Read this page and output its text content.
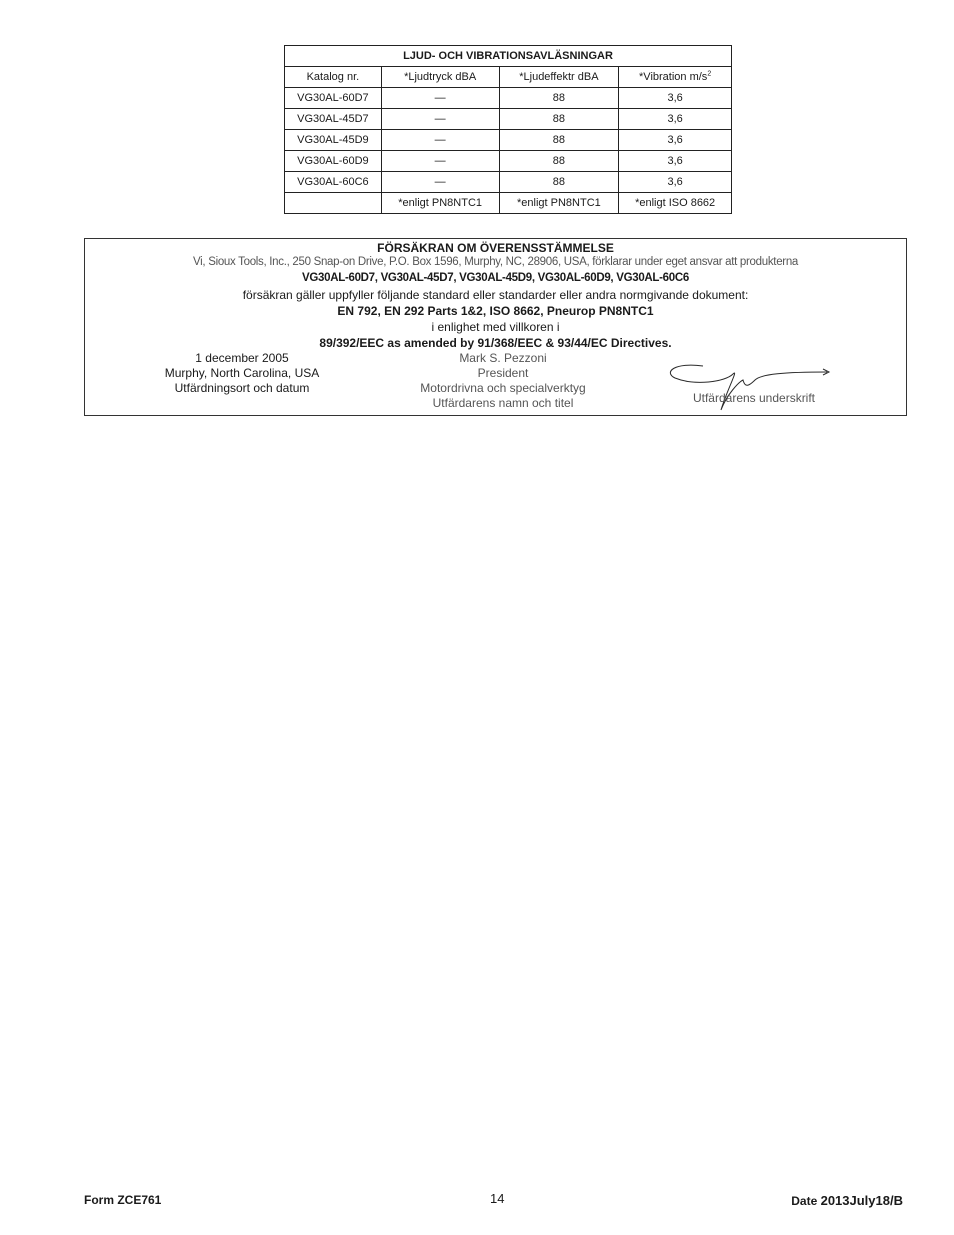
LJUD- OCH VIBRATIONSAVLÄSNINGAR			
Katalog nr.	*Ljudtryck dBA	*Ljudeffektr dBA	*Vibration $m/s^2$
VG30AL-60D7	—	88	3,6
VG30AL-45D7	—	88	3,6
VG30AL-45D9	—	88	3,6
VG30AL-60D9	—	88	3,6
VG30AL-60C6	—	88	3,6
	*enligt PN8NTC1	*enligt PN8NTC1	*enligt ISO 8662
FÖRSÄKRAN OM ÖVERENSSTÄMMELSE
Vi, Sioux Tools, Inc., 250 Snap-on Drive, P.O. Box 1596, Murphy, NC, 28906, USA, förklarar under eget ansvar att produkterna
VG30AL-60D7, VG30AL-45D7, VG30AL-45D9, VG30AL-60D9, VG30AL-60C6
försäkran gäller uppfyller följande standard eller standarder eller andra normgivande dokument:
EN 792, EN 292 Parts 1&2, ISO 8662, Pneurop PN8NTC1
i enlighet med villkoren i
89/392/EEC as amended by 91/368/EEC & 93/44/EC Directives.
1 december 2005
Murphy, North Carolina, USA
Utfärdningsort och datum
Mark S. Pezzoni
President
Motordrivna och specialverktyg
Utfärdarens namn och titel	Utfärdarens underskrift
Form ZCE761	14	Date 2013July18/B
